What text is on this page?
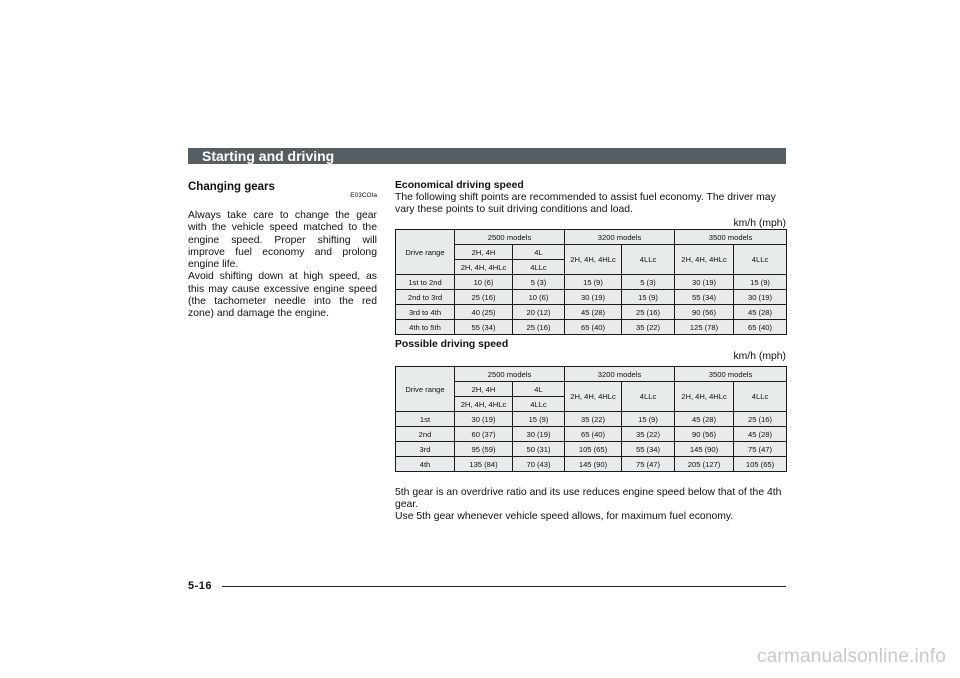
Starting and driving
Changing gears
E03COIa

Always take care to change the gear with the vehicle speed matched to the engine speed. Proper shifting will improve fuel economy and prolong engine life.

Avoid shifting down at high speed, as this may cause excessive engine speed (the tachometer needle into the red zone) and damage the engine.

Economical driving speed
The following shift points are recommended to assist fuel economy. The driver may vary these points to suit driving conditions and load.
km/h (mph)
Drive range	2500 models		3200 models		3500 models	
	2H, 4H	4L	2H, 4H, 4HLc	4LLc	2H, 4H, 4HLc	4LLc
	2H, 4H, 4HLc	4LLc				
1st to 2nd	10 (6)	5 (3)	15 (9)	5 (3)	30 (19)	15 (9)
2nd to 3rd	25 (16)	10 (6)	30 (19)	15 (9)	55 (34)	30 (19)
3rd to 4th	40 (25)	20 (12)	45 (28)	25 (16)	90 (56)	45 (28)
4th to 5th	55 (34)	25 (16)	65 (40)	35 (22)	125 (78)	65 (40)
Possible driving speed
km/h (mph)
Drive range	2500 models		3200 models		3500 models	
	2H, 4H	4L	2H, 4H, 4HLc	4LLc	2H, 4H, 4HLc	4LLc
	2H, 4H, 4HLc	4LLc				
1st	30 (19)	15 (9)	35 (22)	15 (9)	45 (28)	25 (16)
2nd	60 (37)	30 (19)	65 (40)	35 (22)	90 (56)	45 (28)
3rd	95 (59)	50 (31)	105 (65)	55 (34)	145 (90)	75 (47)
4th	135 (84)	70 (43)	145 (90)	75 (47)	205 (127)	105 (65)

5th gear is an overdrive ratio and its use reduces engine speed below that of the 4th gear.

Use 5th gear whenever vehicle speed allows, for maximum fuel economy.

5-16
carmanualsonline.info
